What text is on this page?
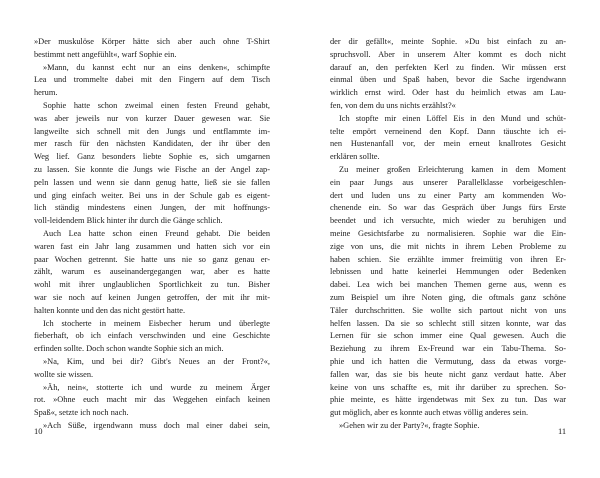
»Der muskulöse Körper hätte sich aber auch ohne T-Shirt
bestimmt nett angefühlt«, warf Sophie ein.
»Mann, du kannst echt nur an eins denken«, schimpfte
Lea und trommelte dabei mit den Fingern auf dem Tisch
herum.
Sophie hatte schon zweimal einen festen Freund gehabt,
was aber jeweils nur von kurzer Dauer gewesen war. Sie
langweilte sich schnell mit den Jungs und entflammte im-
mer rasch für den nächsten Kandidaten, der ihr über den
Weg lief. Ganz besonders liebte Sophie es, sich umgarnen
zu lassen. Sie konnte die Jungs wie Fische an der Angel zap-
peln lassen und wenn sie dann genug hatte, ließ sie sie fallen
und ging einfach weiter. Bei uns in der Schule gab es eigent-
lich ständig mindestens einen Jungen, der mit hoffnungs-
voll-leidendem Blick hinter ihr durch die Gänge schlich.
Auch Lea hatte schon einen Freund gehabt. Die beiden
waren fast ein Jahr lang zusammen und hatten sich vor ein
paar Wochen getrennt. Sie hatte uns nie so ganz genau er-
zählt, warum es auseinandergegangen war, aber es hatte
wohl mit ihrer unglaublichen Sportlichkeit zu tun. Bisher
war sie noch auf keinen Jungen getroffen, der mit ihr mit-
halten konnte und den das nicht gestört hatte.
Ich stocherte in meinem Eisbecher herum und überlegte
fieberhaft, ob ich einfach verschwinden und eine Geschichte
erfinden sollte. Doch schon wandte Sophie sich an mich.
»Na, Kim, und bei dir? Gibt's Neues an der Front?«,
wollte sie wissen.
»Äh, nein«, stotterte ich und wurde zu meinem Ärger
rot. »Ohne euch macht mir das Weggehen einfach keinen
Spaß«, setzte ich noch nach.
»Ach Süße, irgendwann muss doch mal einer dabei sein,
10
der dir gefällt«, meinte Sophie. »Du bist einfach zu an-
spruchsvoll. Aber in unserem Alter kommt es doch nicht
darauf an, den perfekten Kerl zu finden. Wir müssen erst
einmal üben und Spaß haben, bevor die Sache irgendwann
wirklich ernst wird. Oder hast du heimlich etwas am Lau-
fen, von dem du uns nichts erzählst?«
Ich stopfte mir einen Löffel Eis in den Mund und schüt-
telte empört verneinend den Kopf. Dann täuschte ich ei-
nen Hustenanfall vor, der mein erneut knallrotes Gesicht
erklären sollte.
Zu meiner großen Erleichterung kamen in dem Moment
ein paar Jungs aus unserer Parallelklasse vorbeigeschlen-
dert und luden uns zu einer Party am kommenden Wo-
chenende ein. So war das Gespräch über Jungs fürs Erste
beendet und ich versuchte, mich wieder zu beruhigen und
meine Gesichtsfarbe zu normalisieren. Sophie war die Ein-
zige von uns, die mit nichts in ihrem Leben Probleme zu
haben schien. Sie erzählte immer freimütig von ihren Er-
lebnissen und hatte keinerlei Hemmungen oder Bedenken
dabei. Lea wich bei manchen Themen gerne aus, wenn es
zum Beispiel um ihre Noten ging, die oftmals ganz schöne
Täler durchschritten. Sie wollte sich partout nicht von uns
helfen lassen. Da sie so schlecht still sitzen konnte, war das
Lernen für sie schon immer eine Qual gewesen. Auch die
Beziehung zu ihrem Ex-Freund war ein Tabu-Thema. So-
phie und ich hatten die Vermutung, dass da etwas vorge-
fallen war, das sie bis heute nicht ganz verdaut hatte. Aber
keine von uns schaffte es, mit ihr darüber zu sprechen. So-
phie meinte, es hätte irgendetwas mit Sex zu tun. Das war
gut möglich, aber es konnte auch etwas völlig anderes sein.
»Gehen wir zu der Party?«, fragte Sophie.
11
